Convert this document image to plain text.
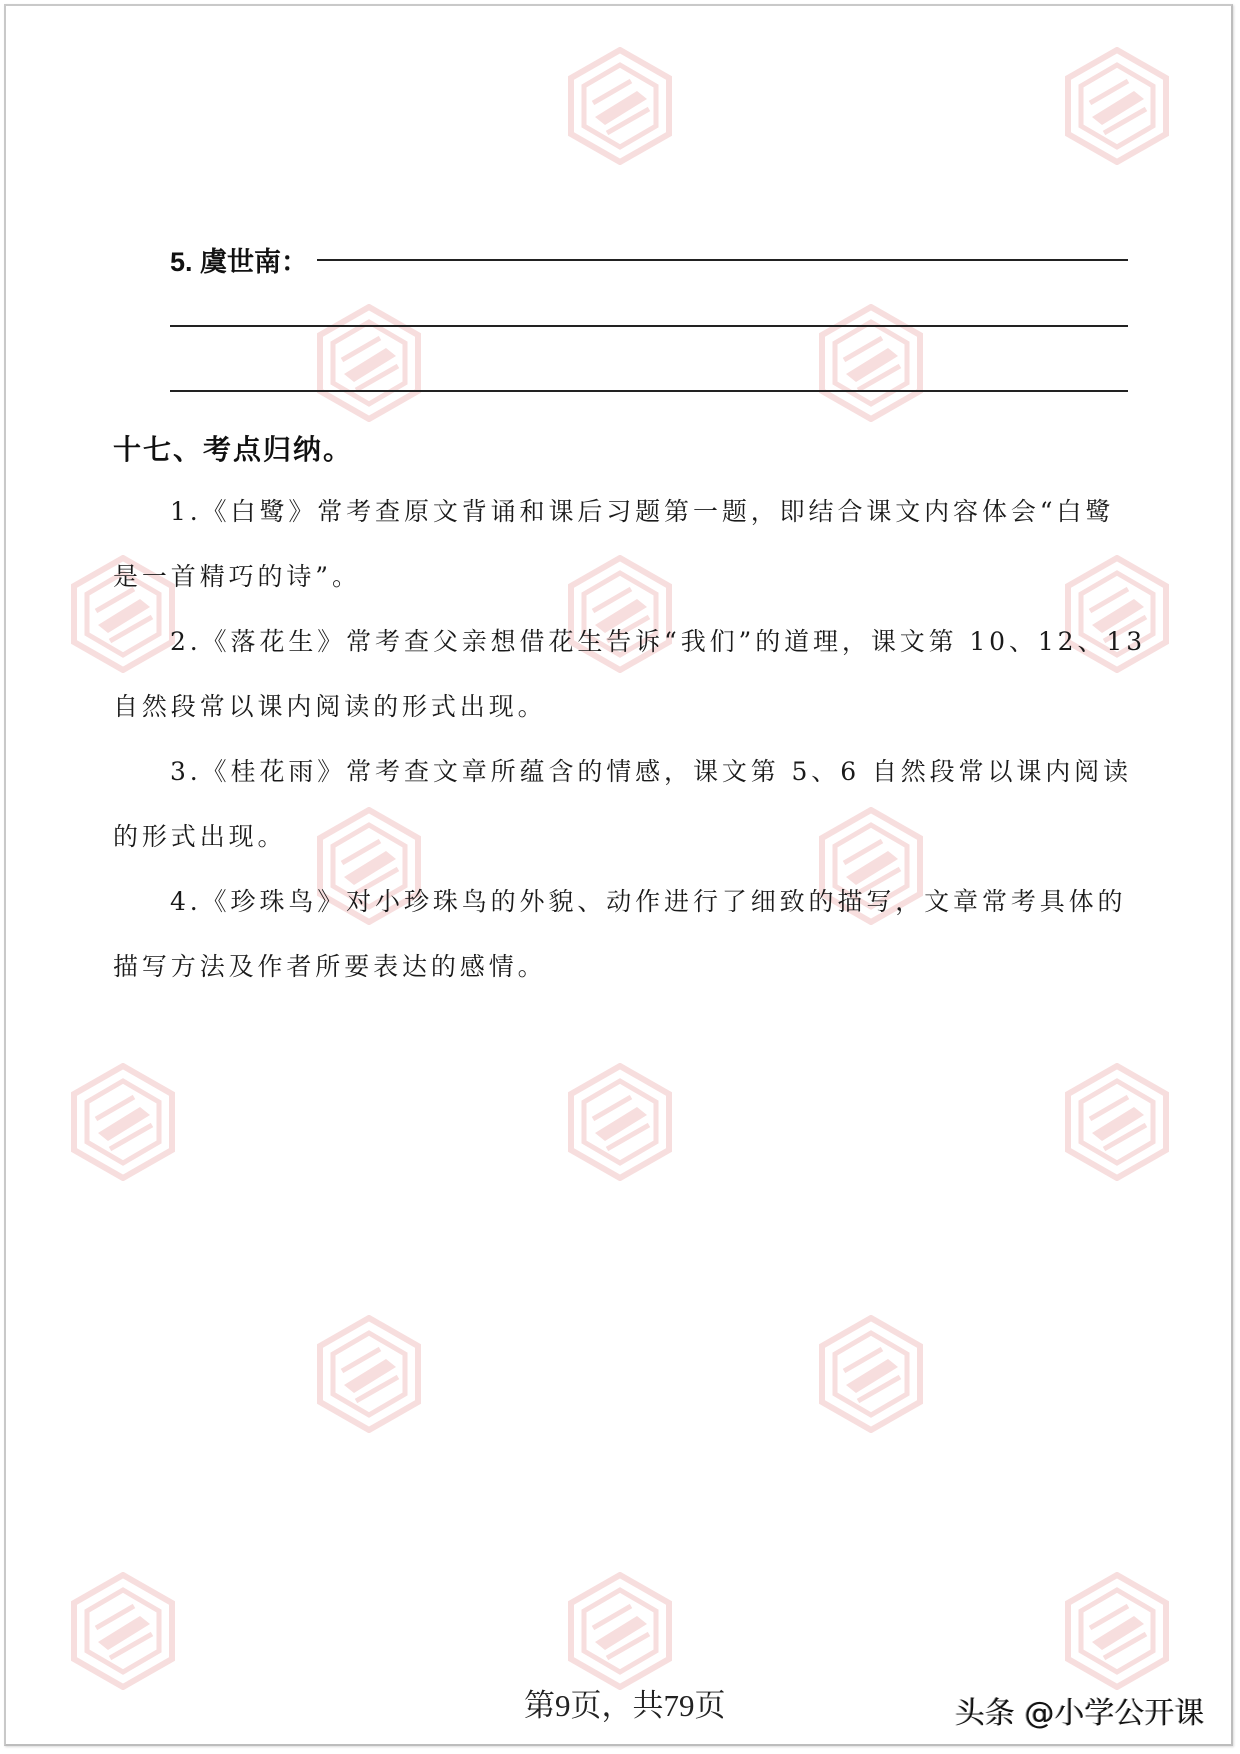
5. 虞世南：
十七、考点归纳。
1.《白鹭》常考查原文背诵和课后习题第一题，即结合课文内容体会“白鹭
是一首精巧的诗”。
2.《落花生》常考查父亲想借花生告诉“我们”的道理，课文第 10、12、13
自然段常以课内阅读的形式出现。
3.《桂花雨》常考查文章所蕴含的情感，课文第 5、6 自然段常以课内阅读
的形式出现。
4.《珍珠鸟》对小珍珠鸟的外貌、动作进行了细致的描写，文章常考具体的
描写方法及作者所要表达的感情。
第9页，共79页	头条 @小学公开课
